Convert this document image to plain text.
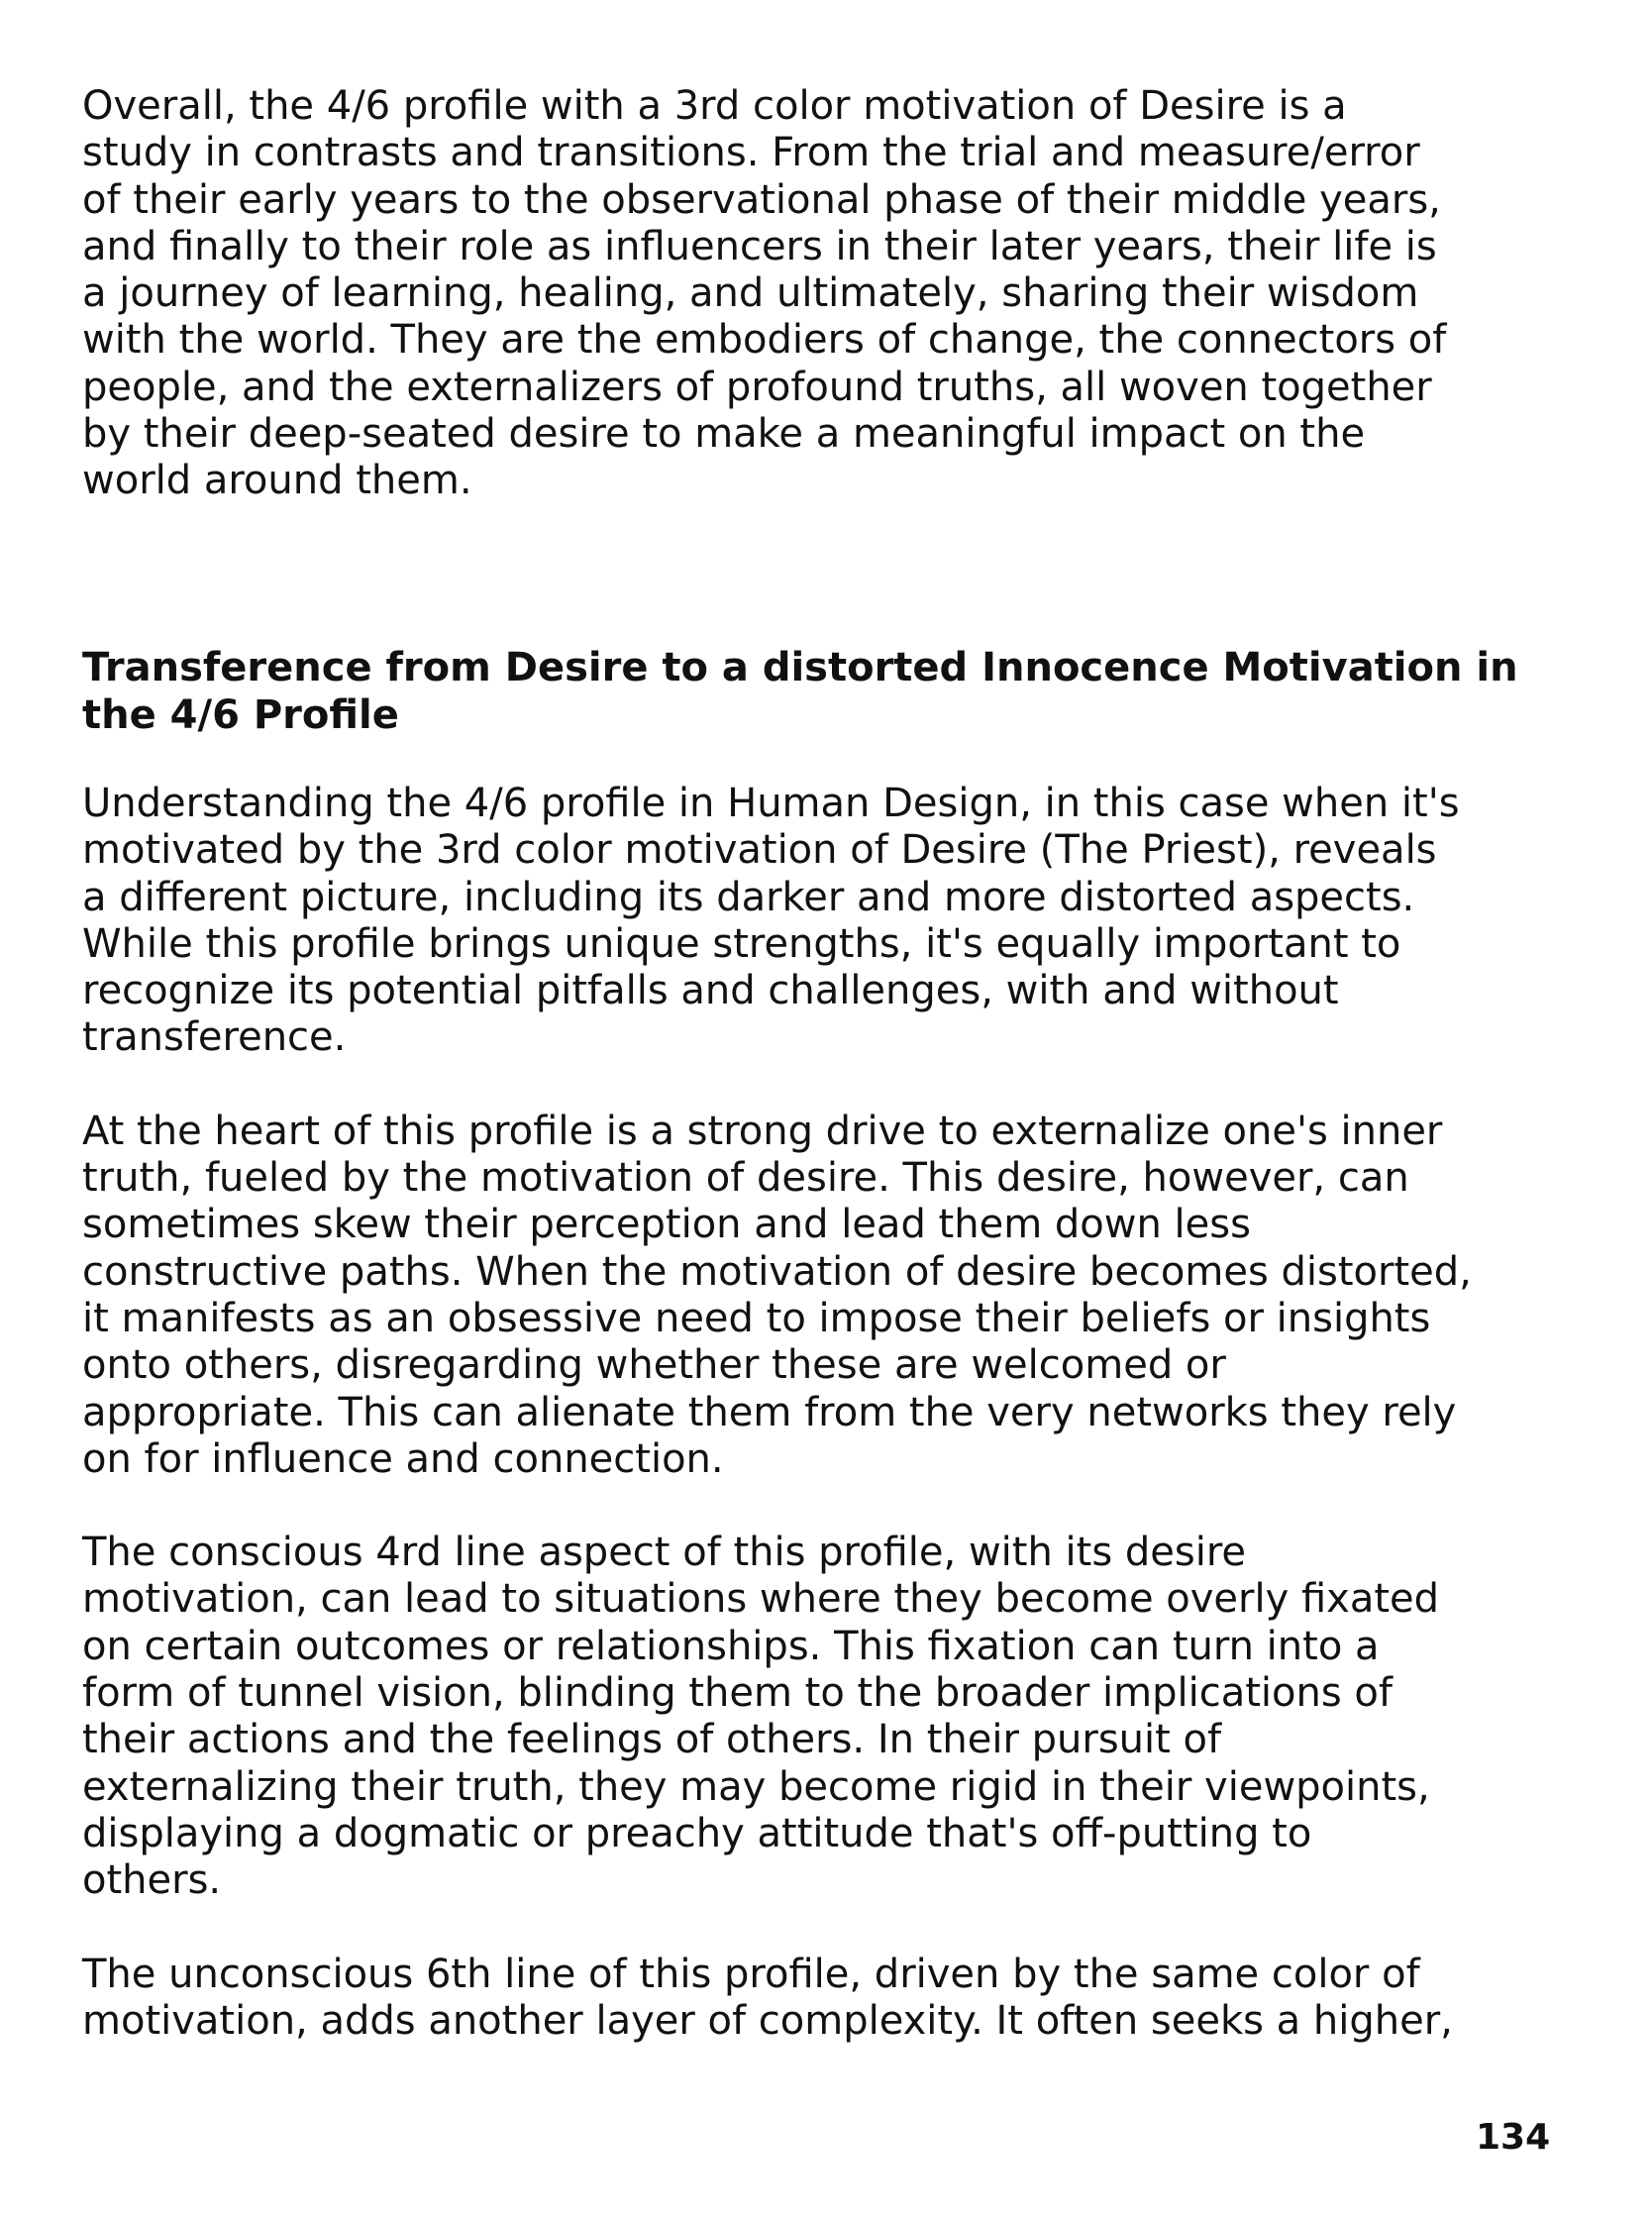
Overall, the 4/6 profile with a 3rd color motivation of Desire is a
study in contrasts and transitions. From the trial and measure/error
of their early years to the observational phase of their middle years,
and finally to their role as influencers in their later years, their life is
a journey of learning, healing, and ultimately, sharing their wisdom
with the world. They are the embodiers of change, the connectors of
people, and the externalizers of profound truths, all woven together
by their deep-seated desire to make a meaningful impact on the
world around them.

Transference from Desire to a distorted Innocence Motivation in
the 4/6 Profile

Understanding the 4/6 profile in Human Design, in this case when it's
motivated by the 3rd color motivation of Desire (The Priest), reveals
a different picture, including its darker and more distorted aspects.
While this profile brings unique strengths, it's equally important to
recognize its potential pitfalls and challenges, with and without
transference.

At the heart of this profile is a strong drive to externalize one's inner
truth, fueled by the motivation of desire. This desire, however, can
sometimes skew their perception and lead them down less
constructive paths. When the motivation of desire becomes distorted,
it manifests as an obsessive need to impose their beliefs or insights
onto others, disregarding whether these are welcomed or
appropriate. This can alienate them from the very networks they rely
on for influence and connection.

The conscious 4rd line aspect of this profile, with its desire
motivation, can lead to situations where they become overly fixated
on certain outcomes or relationships. This fixation can turn into a
form of tunnel vision, blinding them to the broader implications of
their actions and the feelings of others. In their pursuit of
externalizing their truth, they may become rigid in their viewpoints,
displaying a dogmatic or preachy attitude that's off-putting to
others.

The unconscious 6th line of this profile, driven by the same color of
motivation, adds another layer of complexity. It often seeks a higher,

134
